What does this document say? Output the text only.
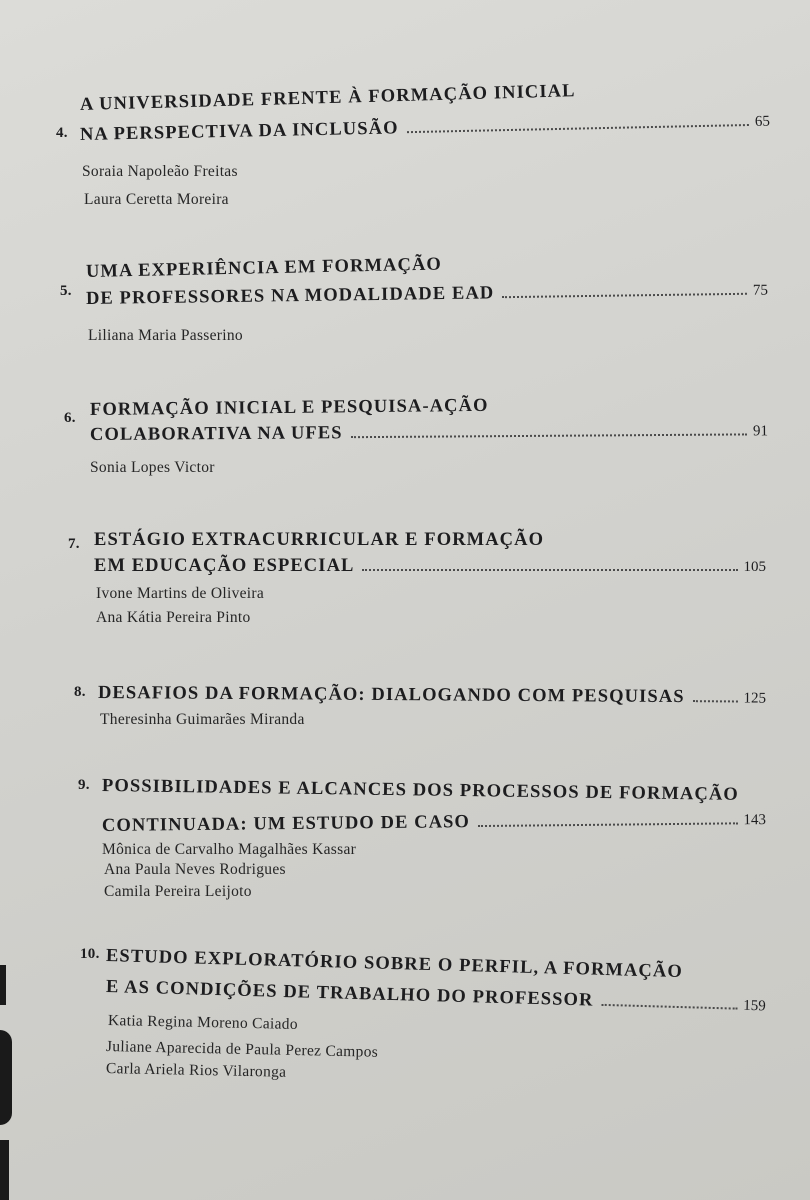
4.
A UNIVERSIDADE FRENTE À FORMAÇÃO INICIAL
NA PERSPECTIVA DA INCLUSÃO	65
Soraia Napoleão Freitas
Laura Ceretta Moreira
5.
UMA EXPERIÊNCIA EM FORMAÇÃO
DE PROFESSORES NA MODALIDADE EAD	75
Liliana Maria Passerino
6. FORMAÇÃO INICIAL E PESQUISA-AÇÃO
COLABORATIVA NA UFES	91
Sonia Lopes Victor
7. ESTÁGIO EXTRACURRICULAR E FORMAÇÃO
EM EDUCAÇÃO ESPECIAL	105
Ivone Martins de Oliveira
Ana Kátia Pereira Pinto
8. DESAFIOS DA FORMAÇÃO: DIALOGANDO COM PESQUISAS	125
Theresinha Guimarães Miranda
9. POSSIBILIDADES E ALCANCES DOS PROCESSOS DE FORMAÇÃO
CONTINUADA: UM ESTUDO DE CASO	143
Mônica de Carvalho Magalhães Kassar
Ana Paula Neves Rodrigues
Camila Pereira Leijoto
10. ESTUDO EXPLORATÓRIO SOBRE O PERFIL, A FORMAÇÃO
E AS CONDIÇÕES DE TRABALHO DO PROFESSOR	159
Katia Regina Moreno Caiado
Juliane Aparecida de Paula Perez Campos
Carla Ariela Rios Vilaronga
